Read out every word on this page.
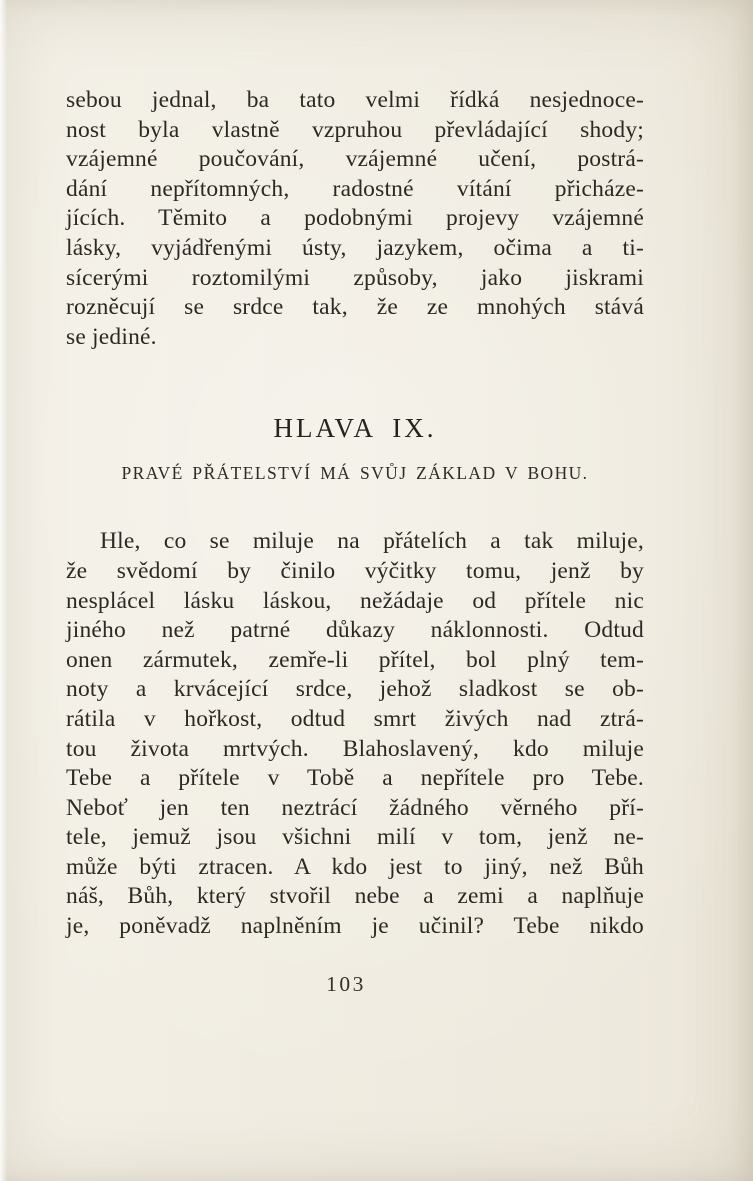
sebou jednal, ba tato velmi řídká nesjednoce-
nost byla vlastně vzpruhou převládající shody;
vzájemné poučování, vzájemné učení, postrá-
dání nepřítomných, radostné vítání přicháze-
jících. Těmito a podobnými projevy vzájemné
lásky, vyjádřenými ústy, jazykem, očima a ti-
sícerými roztomilými způsoby, jako jiskrami
rozněcují se srdce tak, že ze mnohých stává
se jediné.
HLAVA IX.
PRAVÉ PŘÁTELSTVÍ MÁ SVŮJ ZÁKLAD V BOHU.
Hle, co se miluje na přátelích a tak miluje,
že svědomí by činilo výčitky tomu, jenž by
nesplácel lásku láskou, nežádaje od přítele nic
jiného než patrné důkazy náklonnosti. Odtud
onen zármutek, zemře-li přítel, bol plný tem-
noty a krvácející srdce, jehož sladkost se ob-
rátila v hořkost, odtud smrt živých nad ztrá-
tou života mrtvých. Blahoslavený, kdo miluje
Tebe a přítele v Tobě a nepřítele pro Tebe.
Neboť jen ten neztrácí žádného věrného pří-
tele, jemuž jsou všichni milí v tom, jenž ne-
může býti ztracen. A kdo jest to jiný, než Bůh
náš, Bůh, který stvořil nebe a zemi a naplňuje
je, poněvadž naplněním je učinil? Tebe nikdo
103
